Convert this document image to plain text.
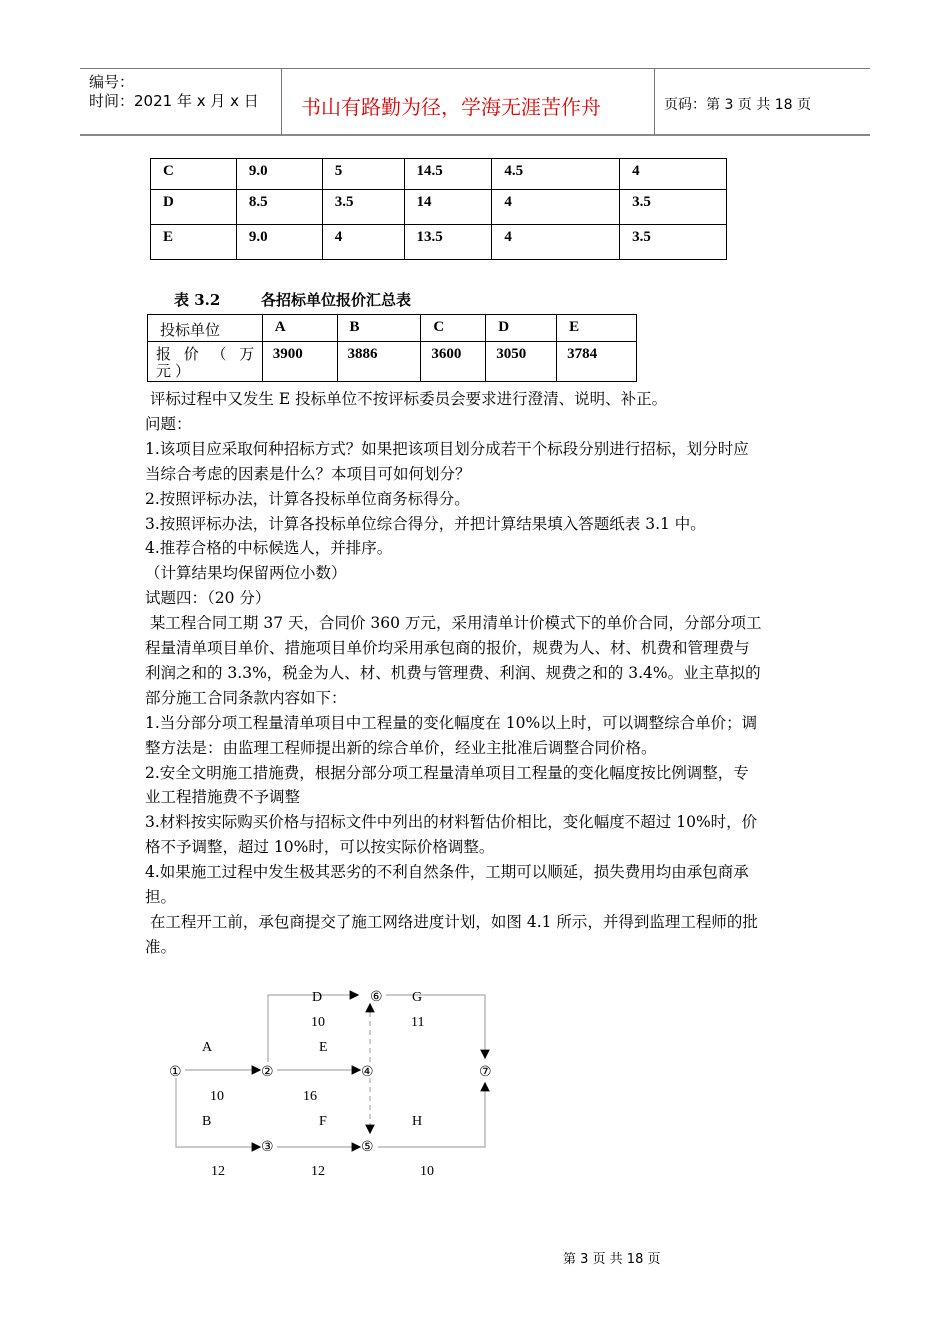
编号：
时间：2021 年 x 月 x 日 书山有路勤为径，学海无涯苦作舟	页码：第 3 页 共 18 页
C	9.0	5	14.5	4.5	4
D	8.5	3.5	14	4	3.5
E	9.0	4	13.5	4	3.5
表 3.2	各招标单位报价汇总表
投标单位	A	B	C	D	E
报 价 （ 万 元）	3900	3886	3600	3050	3784
评标过程中又发生 E 投标单位不按评标委员会要求进行澄清、说明、补正。
问题：
1.该项目应采取何种招标方式？如果把该项目划分成若干个标段分别进行招标，划分时应
当综合考虑的因素是什么？本项目可如何划分？
2.按照评标办法，计算各投标单位商务标得分。
3.按照评标办法，计算各投标单位综合得分，并把计算结果填入答题纸表 3.1 中。
4.推荐合格的中标候选人，并排序。
（计算结果均保留两位小数）
试题四：（20 分）
某工程合同工期 37 天，合同价 360 万元，采用清单计价模式下的单价合同，分部分项工
程量清单项目单价、措施项目单价均采用承包商的报价，规费为人、材、机费和管理费与
利润之和的 3.3%，税金为人、材、机费与管理费、利润、规费之和的 3.4%。业主草拟的
部分施工合同条款内容如下：
1.当分部分项工程量清单项目中工程量的变化幅度在 10%以上时，可以调整综合单价；调
整方法是：由监理工程师提出新的综合单价，经业主批准后调整合同价格。
2.安全文明施工措施费，根据分部分项工程量清单项目工程量的变化幅度按比例调整，专
业工程措施费不予调整
3.材料按实际购买价格与招标文件中列出的材料暂估价相比，变化幅度不超过 10%时，价
格不予调整，超过 10%时，可以按实际价格调整。
4.如果施工过程中发生极其恶劣的不利自然条件，工期可以顺延，损失费用均由承包商承
担。
在工程开工前，承包商提交了施工网络进度计划，如图 4.1 所示，并得到监理工程师的批
准。
①	②
③
④
⑤
⑥
⑦
A
10
B
12
D
10
E
16
F
12
G
11
H
10
第 3 页 共 18 页
